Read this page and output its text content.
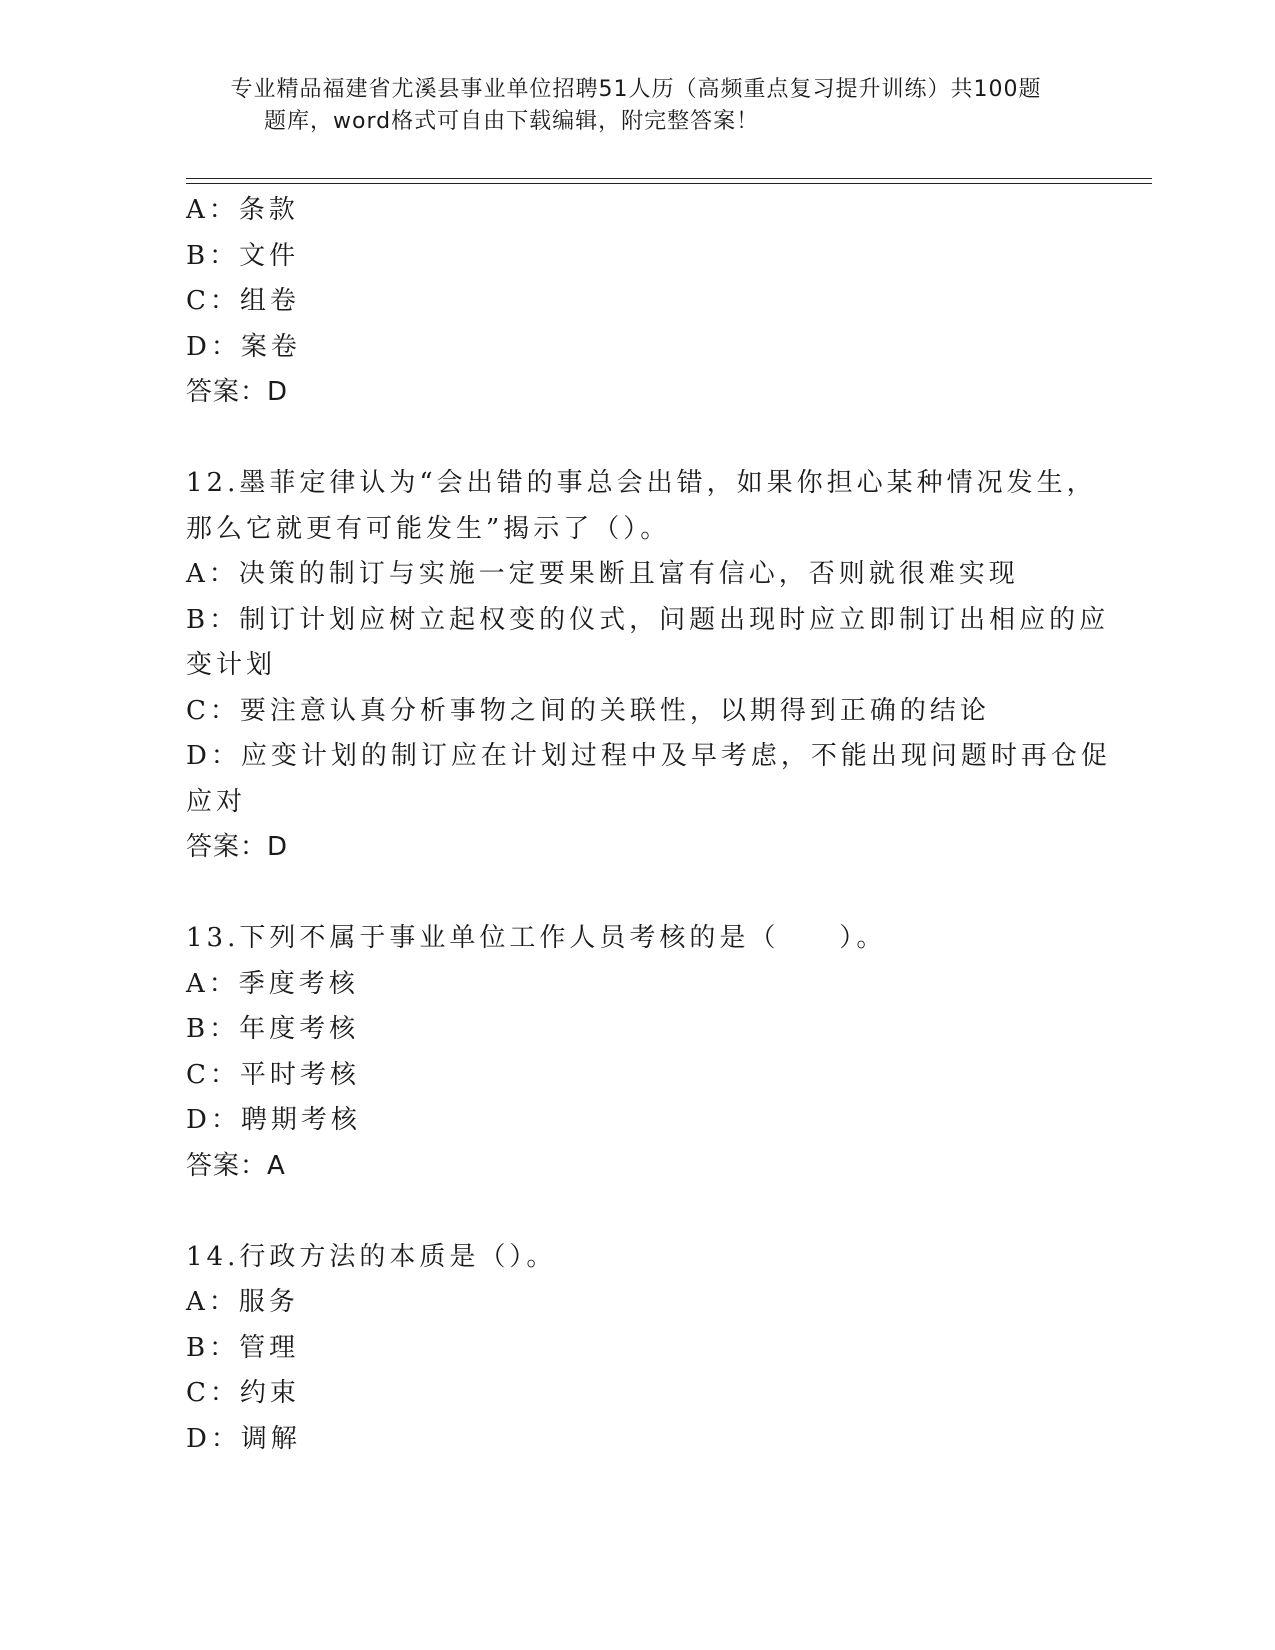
专业精品福建省尤溪县事业单位招聘51人历（高频重点复习提升训练）共100题
题库，word格式可自由下载编辑，附完整答案！
A：条款
B：文件
C：组卷
D：案卷
答案：D
12.墨菲定律认为“会出错的事总会出错，如果你担心某种情况发生，
那么它就更有可能发生”揭示了（）。
A：决策的制订与实施一定要果断且富有信心，否则就很难实现
B：制订计划应树立起权变的仪式，问题出现时应立即制订出相应的应
变计划
C：要注意认真分析事物之间的关联性，以期得到正确的结论
D：应变计划的制订应在计划过程中及早考虑，不能出现问题时再仓促
应对
答案：D
13.下列不属于事业单位工作人员考核的是（　　）。
A：季度考核
B：年度考核
C：平时考核
D：聘期考核
答案：A
14.行政方法的本质是（）。
A：服务
B：管理
C：约束
D：调解
